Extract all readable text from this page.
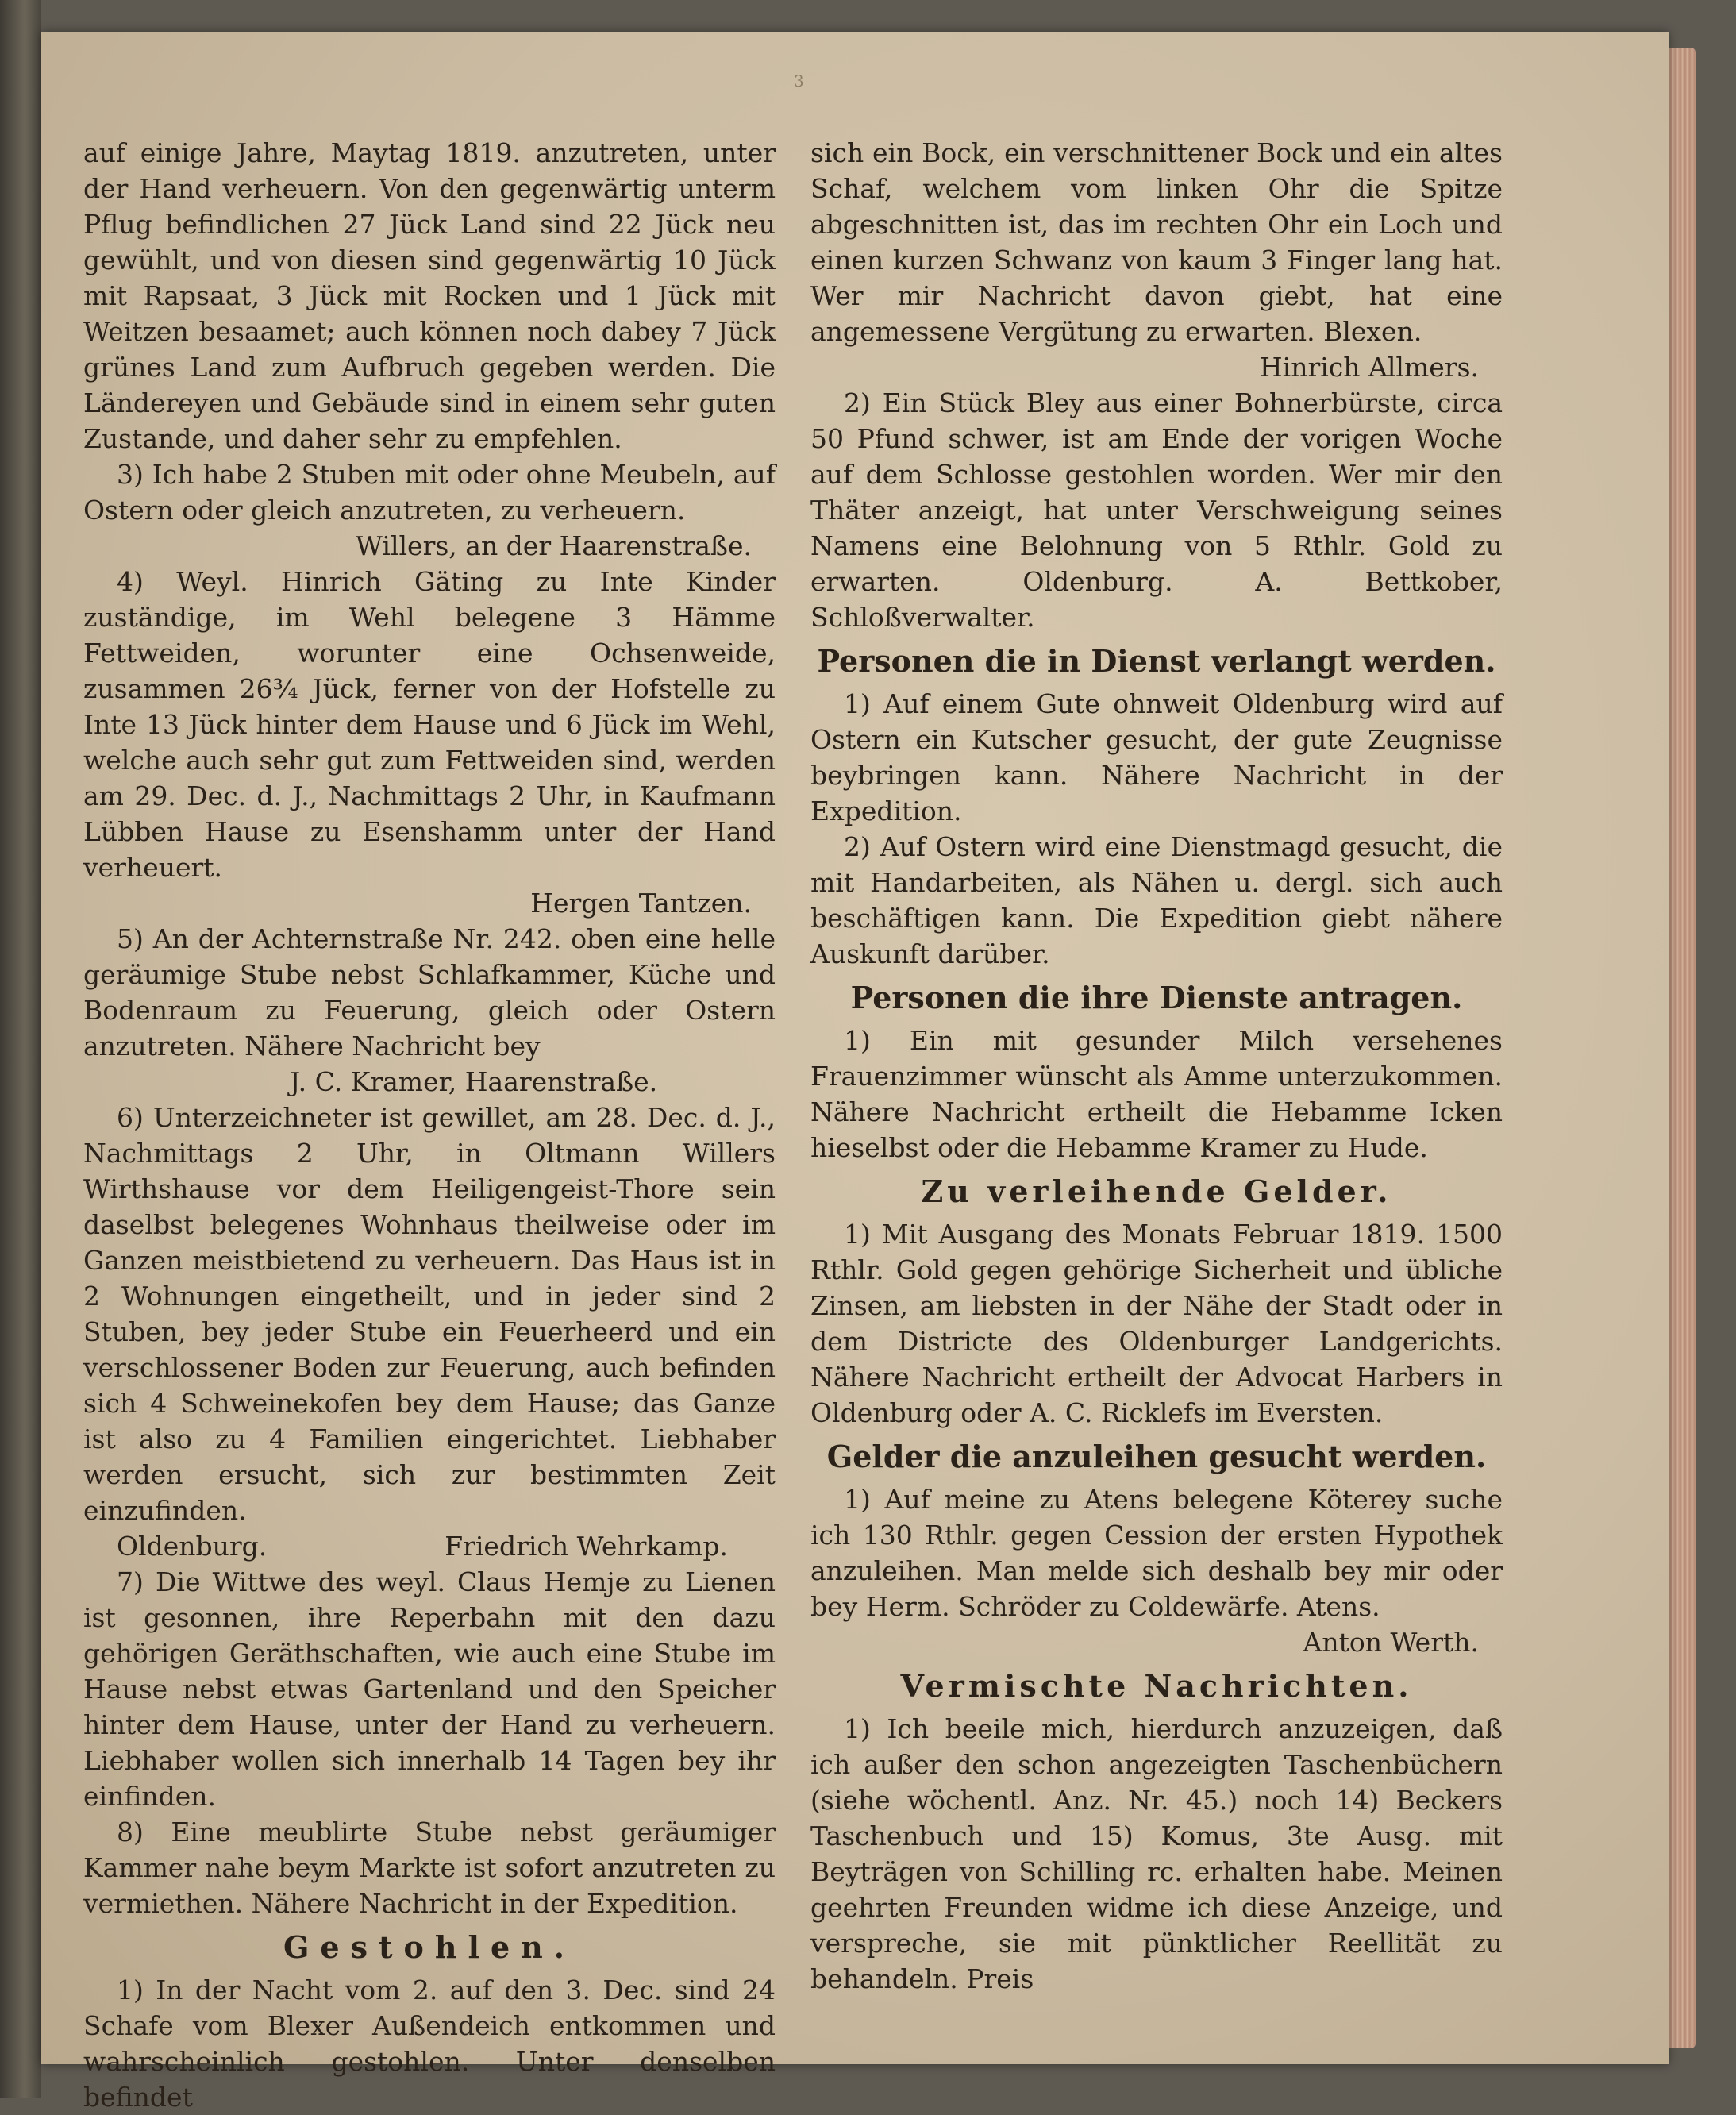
3

auf einige Jahre, Maytag 1819. anzutreten, unter der Hand verheuern. Von den gegenwärtig unterm Pflug befindlichen 27 Jück Land sind 22 Jück neu gewühlt, und von diesen sind gegenwärtig 10 Jück mit Rapsaat, 3 Jück mit Rocken und 1 Jück mit Weitzen besaamet; auch können noch dabey 7 Jück grünes Land zum Aufbruch gegeben werden. Die Ländereyen und Gebäude sind in einem sehr guten Zustande, und daher sehr zu empfehlen.

3) Ich habe 2 Stuben mit oder ohne Meubeln, auf Ostern oder gleich anzutreten, zu verheuern.

Willers, an der Haarenstraße.

4) Weyl. Hinrich Gäting zu Inte Kinder zuständige, im Wehl belegene 3 Hämme Fettweiden, worunter eine Ochsenweide, zusammen 26¾ Jück, ferner von der Hofstelle zu Inte 13 Jück hinter dem Hause und 6 Jück im Wehl, welche auch sehr gut zum Fettweiden sind, werden am 29. Dec. d. J., Nachmittags 2 Uhr, in Kaufmann Lübben Hause zu Esenshamm unter der Hand verheuert.

Hergen Tantzen.

5) An der Achternstraße Nr. 242. oben eine helle geräumige Stube nebst Schlafkammer, Küche und Bodenraum zu Feuerung, gleich oder Ostern anzutreten. Nähere Nachricht bey

J. C. Kramer, Haarenstraße.

6) Unterzeichneter ist gewillet, am 28. Dec. d. J., Nachmittags 2 Uhr, in Oltmann Willers Wirthshause vor dem Heiligengeist-Thore sein daselbst belegenes Wohnhaus theilweise oder im Ganzen meistbietend zu verheuern. Das Haus ist in 2 Wohnungen eingetheilt, und in jeder sind 2 Stuben, bey jeder Stube ein Feuerheerd und ein verschlossener Boden zur Feuerung, auch befinden sich 4 Schweinekofen bey dem Hause; das Ganze ist also zu 4 Familien eingerichtet. Liebhaber werden ersucht, sich zur bestimmten Zeit einzufinden.

Oldenburg.	Friedrich Wehrkamp.

7) Die Wittwe des weyl. Claus Hemje zu Lienen ist gesonnen, ihre Reperbahn mit den dazu gehörigen Geräthschaften, wie auch eine Stube im Hause nebst etwas Gartenland und den Speicher hinter dem Hause, unter der Hand zu verheuern. Liebhaber wollen sich innerhalb 14 Tagen bey ihr einfinden.

8) Eine meublirte Stube nebst geräumiger Kammer nahe beym Markte ist sofort anzutreten zu vermiethen. Nähere Nachricht in der Expedition.

Gestohlen.

1) In der Nacht vom 2. auf den 3. Dec. sind 24 Schafe vom Blexer Außendeich entkommen und wahrscheinlich gestohlen. Unter denselben befindet

sich ein Bock, ein verschnittener Bock und ein altes Schaf, welchem vom linken Ohr die Spitze abgeschnitten ist, das im rechten Ohr ein Loch und einen kurzen Schwanz von kaum 3 Finger lang hat. Wer mir Nachricht davon giebt, hat eine angemessene Vergütung zu erwarten. Blexen.

Hinrich Allmers.

2) Ein Stück Bley aus einer Bohnerbürste, circa 50 Pfund schwer, ist am Ende der vorigen Woche auf dem Schlosse gestohlen worden. Wer mir den Thäter anzeigt, hat unter Verschweigung seines Namens eine Belohnung von 5 Rthlr. Gold zu erwarten. Oldenburg. A. Bettkober, Schloßverwalter.

Personen die in Dienst verlangt werden.

1) Auf einem Gute ohnweit Oldenburg wird auf Ostern ein Kutscher gesucht, der gute Zeugnisse beybringen kann. Nähere Nachricht in der Expedition.

2) Auf Ostern wird eine Dienstmagd gesucht, die mit Handarbeiten, als Nähen u. dergl. sich auch beschäftigen kann. Die Expedition giebt nähere Auskunft darüber.

Personen die ihre Dienste antragen.

1) Ein mit gesunder Milch versehenes Frauenzimmer wünscht als Amme unterzukommen. Nähere Nachricht ertheilt die Hebamme Icken hieselbst oder die Hebamme Kramer zu Hude.

Zu verleihende Gelder.

1) Mit Ausgang des Monats Februar 1819. 1500 Rthlr. Gold gegen gehörige Sicherheit und übliche Zinsen, am liebsten in der Nähe der Stadt oder in dem Districte des Oldenburger Landgerichts. Nähere Nachricht ertheilt der Advocat Harbers in Oldenburg oder A. C. Ricklefs im Eversten.

Gelder die anzuleihen gesucht werden.

1) Auf meine zu Atens belegene Köterey suche ich 130 Rthlr. gegen Cession der ersten Hypothek anzuleihen. Man melde sich deshalb bey mir oder bey Herm. Schröder zu Coldewärfe. Atens.

Anton Werth.

Vermischte Nachrichten.

1) Ich beeile mich, hierdurch anzuzeigen, daß ich außer den schon angezeigten Taschenbüchern (siehe wöchentl. Anz. Nr. 45.) noch 14) Beckers Taschenbuch und 15) Komus, 3te Ausg. mit Beyträgen von Schilling rc. erhalten habe. Meinen geehrten Freunden widme ich diese Anzeige, und verspreche, sie mit pünktlicher Reellität zu behandeln. Preis
